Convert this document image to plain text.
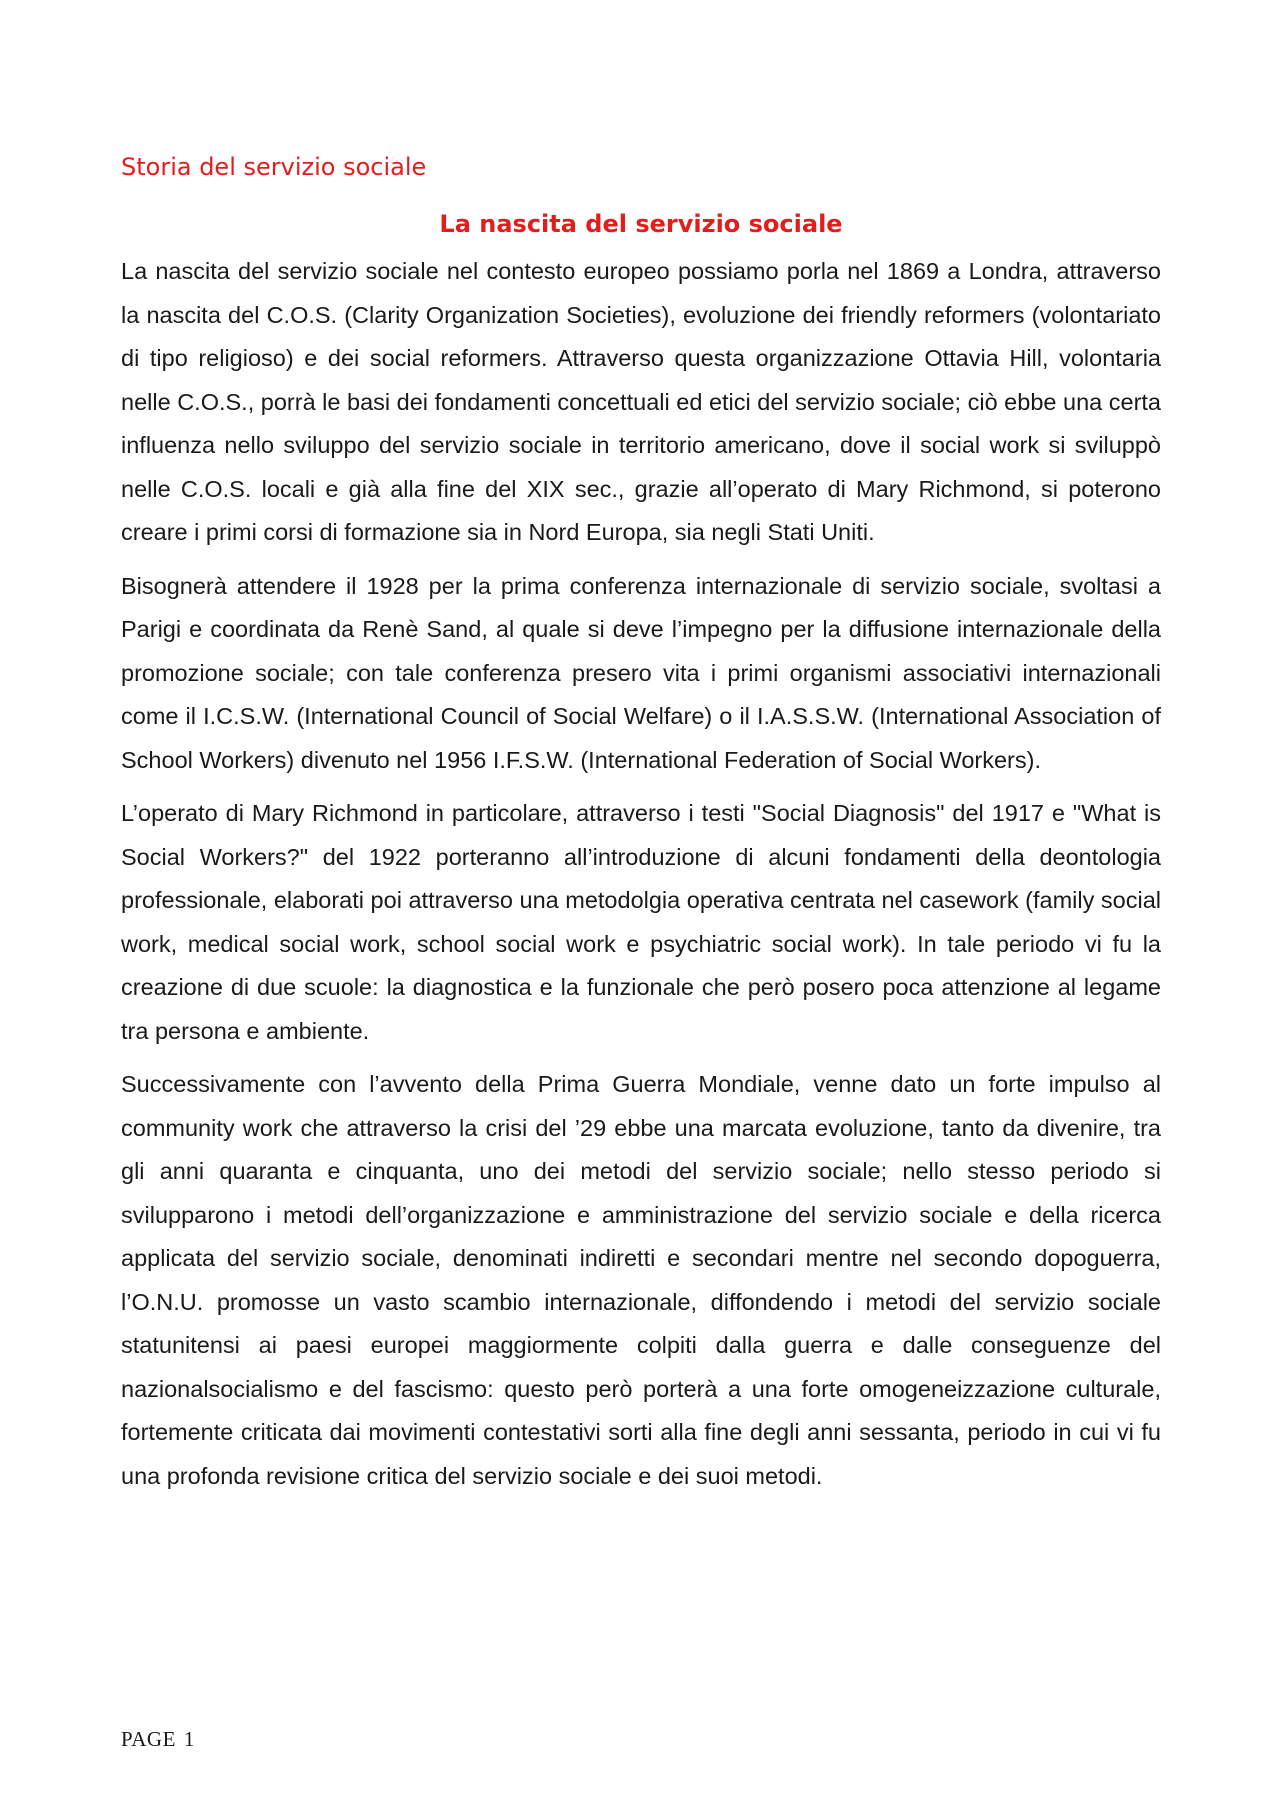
Storia del servizio sociale
La nascita del servizio sociale

La nascita del servizio sociale nel contesto europeo possiamo porla nel 1869 a Londra, attraverso la nascita del C.O.S. (Clarity Organization Societies), evoluzione dei friendly reformers (volontariato di tipo religioso) e dei social reformers. Attraverso questa organizzazione Ottavia Hill, volontaria nelle C.O.S., porrà le basi dei fondamenti concettuali ed etici del servizio sociale; ciò ebbe una certa influenza nello sviluppo del servizio sociale in territorio americano, dove il social work si sviluppò nelle C.O.S. locali e già alla fine del XIX sec., grazie all’operato di Mary Richmond, si poterono creare i primi corsi di formazione sia in Nord Europa, sia negli Stati Uniti.

Bisognerà attendere il 1928 per la prima conferenza internazionale di servizio sociale, svoltasi a Parigi e coordinata da Renè Sand, al quale si deve l’impegno per la diffusione internazionale della promozione sociale; con tale conferenza presero vita i primi organismi associativi internazionali come il I.C.S.W. (International Council of Social Welfare) o il I.A.S.S.W. (International Association of School Workers) divenuto nel 1956 I.F.S.W. (International Federation of Social Workers).

L’operato di Mary Richmond in particolare, attraverso i testi "Social Diagnosis" del 1917 e "What is Social Workers?" del 1922 porteranno all’introduzione di alcuni fondamenti della deontologia professionale, elaborati poi attraverso una metodolgia operativa centrata nel casework (family social work, medical social work, school social work e psychiatric social work). In tale periodo vi fu la creazione di due scuole: la diagnostica e la funzionale che però posero poca attenzione al legame tra persona e ambiente.

Successivamente con l’avvento della Prima Guerra Mondiale, venne dato un forte impulso al community work che attraverso la crisi del ’29 ebbe una marcata evoluzione, tanto da divenire, tra gli anni quaranta e cinquanta, uno dei metodi del servizio sociale; nello stesso periodo si svilupparono i metodi dell’organizzazione e amministrazione del servizio sociale e della ricerca applicata del servizio sociale, denominati indiretti e secondari mentre nel secondo dopoguerra, l’O.N.U. promosse un vasto scambio internazionale, diffondendo i metodi del servizio sociale statunitensi ai paesi europei maggiormente colpiti dalla guerra e dalle conseguenze del nazionalsocialismo e del fascismo: questo però porterà a una forte omogeneizzazione culturale, fortemente criticata dai movimenti contestativi sorti alla fine degli anni sessanta, periodo in cui vi fu una profonda revisione critica del servizio sociale e dei suoi metodi.

PAGE 1
